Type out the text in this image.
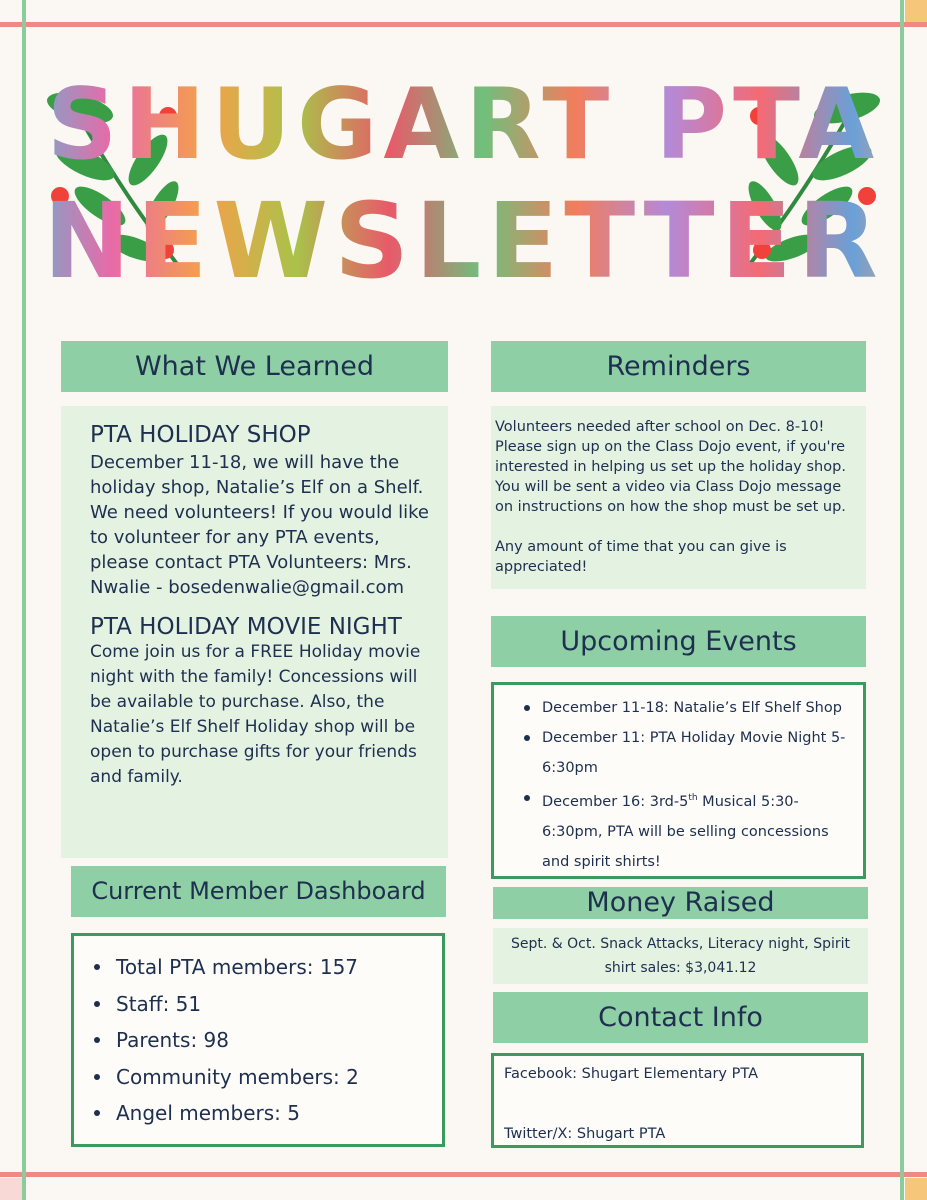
SHUGART PTA
NEWSLETTER
What We Learned

PTA HOLIDAY SHOP

December 11-18, we will have the holiday shop, Natalie’s Elf on a Shelf. We need volunteers! If you would like to volunteer for any PTA events, please contact PTA Volunteers: Mrs. Nwalie - bosedenwalie@gmail.com

PTA HOLIDAY MOVIE NIGHT

Come join us for a FREE Holiday movie night with the family! Concessions will be available to purchase. Also, the Natalie’s Elf Shelf Holiday shop will be open to purchase gifts for your friends and family.

Current Member Dashboard
Total PTA members: 157
Staff: 51
Parents: 98
Community members: 2
Angel members: 5
Reminders

Volunteers needed after school on Dec. 8-10! Please sign up on the Class Dojo event, if you're interested in helping us set up the holiday shop. You will be sent a video via Class Dojo message on instructions on how the shop must be set up.

Any amount of time that you can give is appreciated!

Upcoming Events
December 11-18: Natalie’s Elf Shelf Shop
December 11: PTA Holiday Movie Night 5-6:30pm
December 16: 3rd-5th Musical 5:30-6:30pm, PTA will be selling concessions and spirit shirts!
Money Raised

Sept. & Oct. Snack Attacks, Literacy night, Spirit shirt sales: $3,041.12

Contact Info
Facebook: Shugart Elementary PTA
Twitter/X: Shugart PTA
